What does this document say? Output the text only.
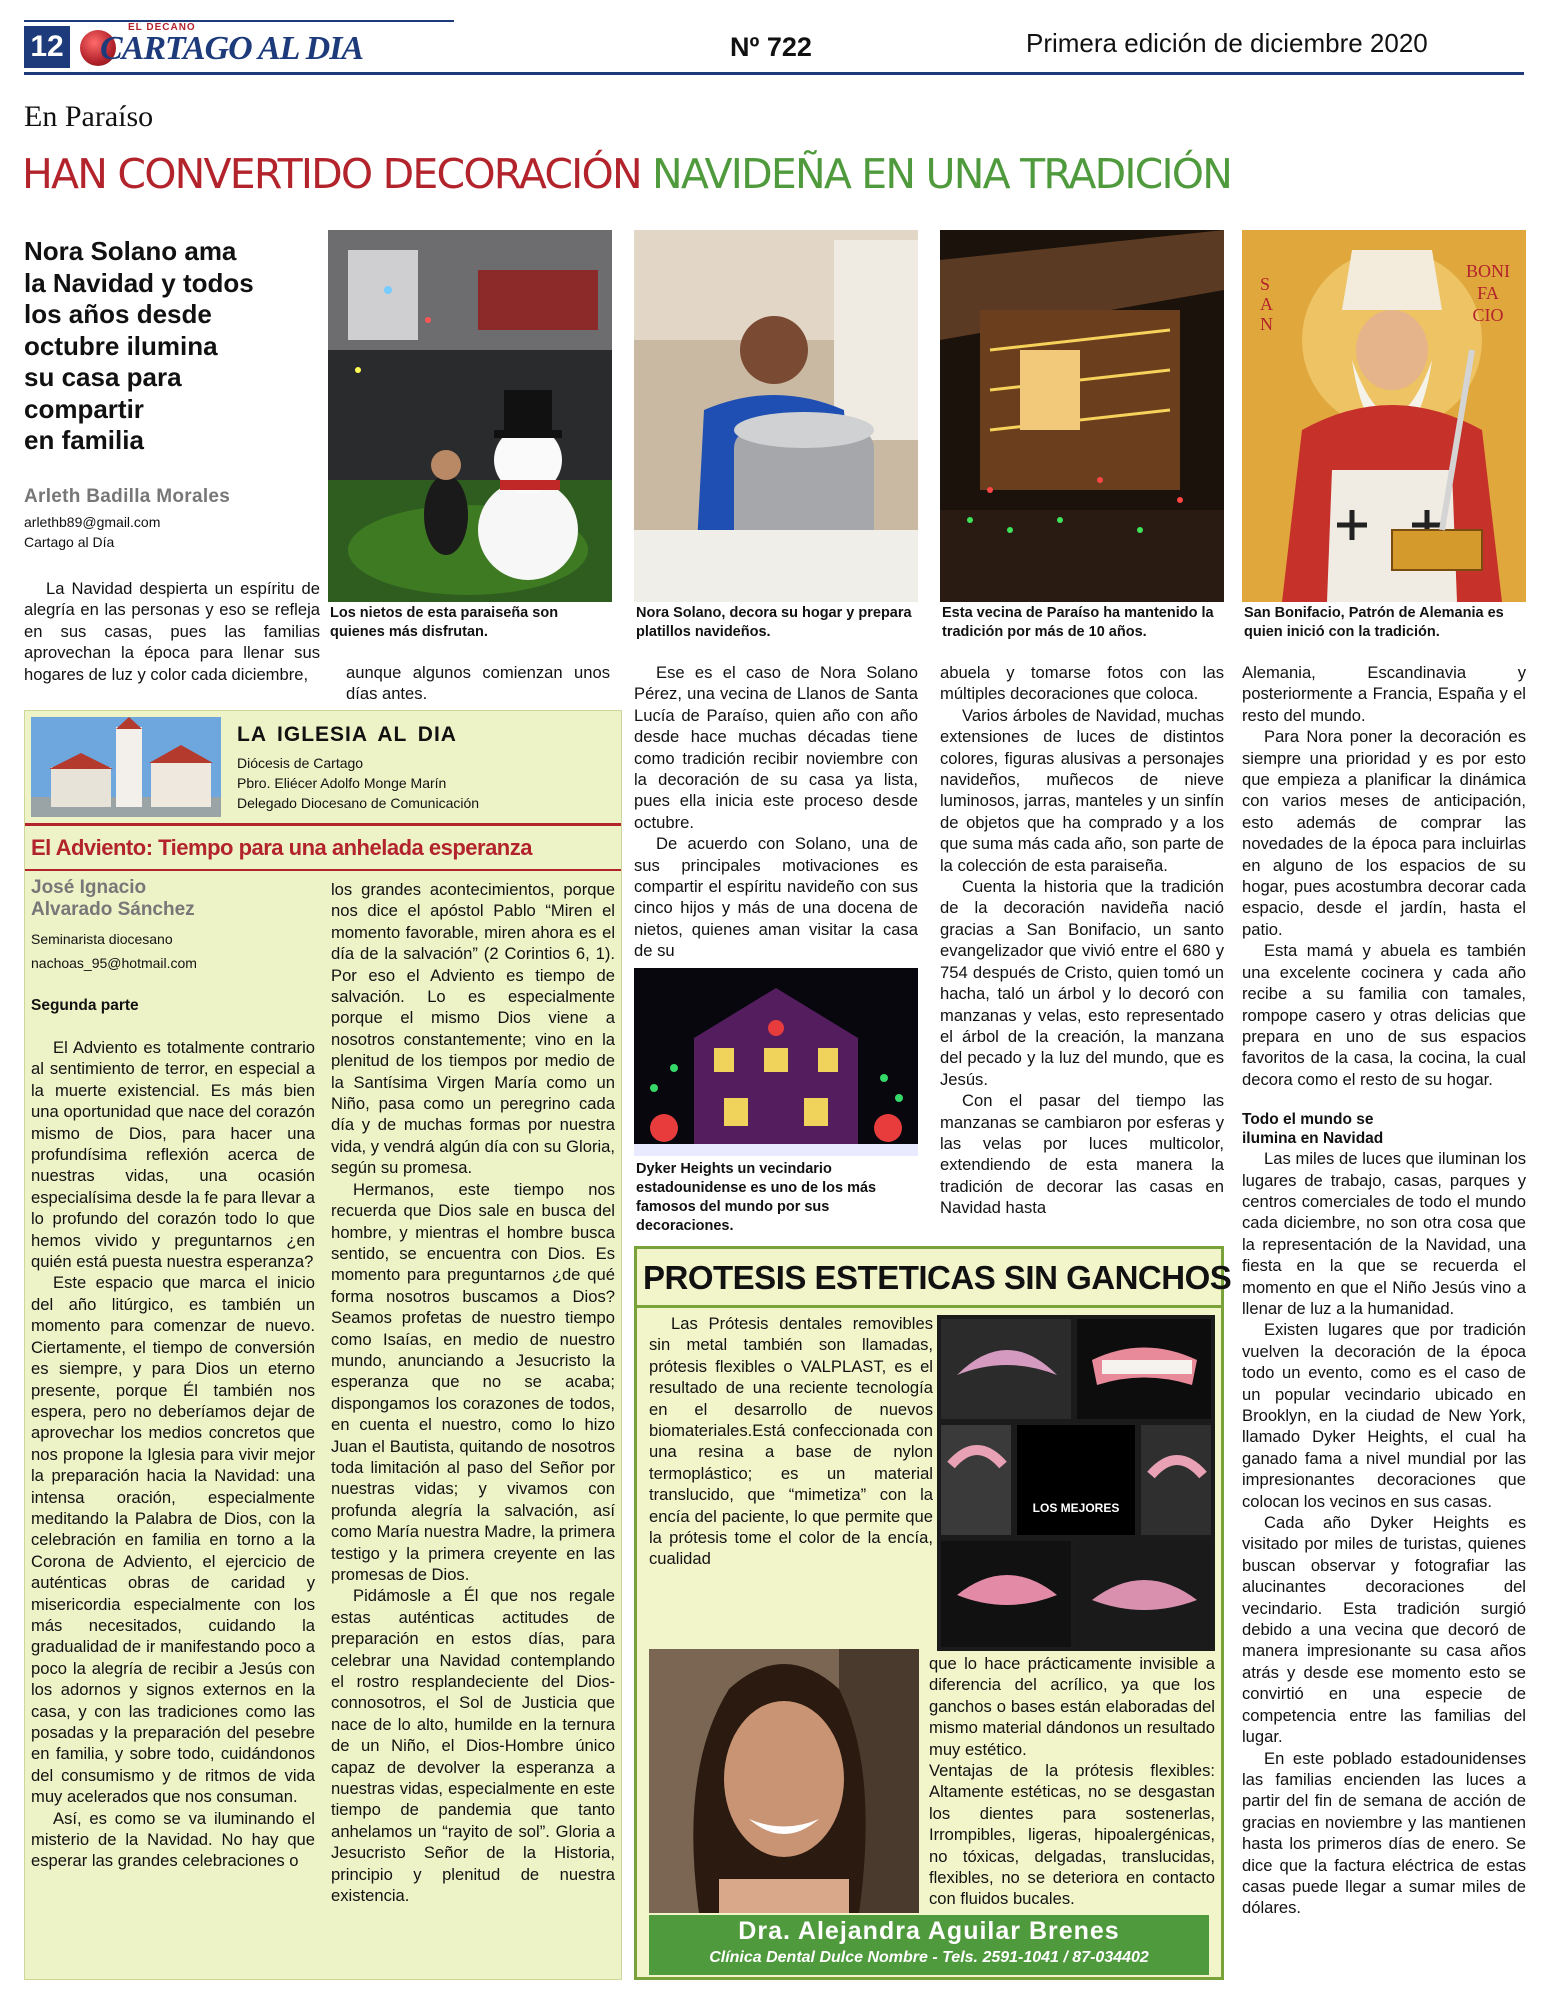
12
EL DECANO
CARTAGO AL DIA	Nº 722	Primera edición de diciembre 2020
En Paraíso
HAN CONVERTIDO DECORACIÓN NAVIDEÑA EN UNA TRADICIÓN
Nora Solano ama
la Navidad y todos
los años desde
octubre ilumina
su casa para
compartir
en familia
Arleth Badilla Morales
arlethb89@gmail.com
Cartago al Día

La Navidad despierta un espíritu de alegría en las personas y eso se refleja en sus casas, pues las familias aprovechan la época para llenar sus hogares de luz y color cada diciembre,

Los nietos de esta paraiseña son quienes más disfrutan.

aunque algunos comienzan unos días antes.

Nora Solano, decora su hogar y prepara platillos navideños.
Esta vecina de Paraíso ha mantenido la tradición por más de 10 años.
SAN
BONI FA CIO
San Bonifacio, Patrón de Alemania es quien inició con la tradición.

Ese es el caso de Nora Solano Pérez, una vecina de Llanos de Santa Lucía de Paraíso, quien año con año desde hace muchas décadas tiene como tradición recibir noviembre con la decoración de su casa ya lista, pues ella inicia este proceso desde octubre.

De acuerdo con Solano, una de sus principales motivaciones es compartir el espíritu navideño con sus cinco hijos y más de una docena de nietos, quienes aman visitar la casa de su

Dyker Heights un vecindario estadounidense es uno de los más famosos del mundo por sus decoraciones.

abuela y tomarse fotos con las múltiples decoraciones que coloca.

Varios árboles de Navidad, muchas extensiones de luces de distintos colores, figuras alusivas a personajes navideños, muñecos de nieve luminosos, jarras, manteles y un sinfín de objetos que ha comprado y a los que suma más cada año, son parte de la colección de esta paraiseña.

Cuenta la historia que la tradición de la decoración navideña nació gracias a San Bonifacio, un santo evangelizador que vivió entre el 680 y 754 después de Cristo, quien tomó un hacha, taló un árbol y lo decoró con manzanas y velas, esto representado el árbol de la creación, la manzana del pecado y la luz del mundo, que es Jesús.

Con el pasar del tiempo las manzanas se cambiaron por esferas y las velas por luces multicolor, extendiendo de esta manera la tradición de decorar las casas en Navidad hasta

Alemania, Escandinavia y posteriormente a Francia, España y el resto del mundo.

Para Nora poner la decoración es siempre una prioridad y es por esto que empieza a planificar la dinámica con varios meses de anticipación, esto además de comprar las novedades de la época para incluirlas en alguno de los espacios de su hogar, pues acostumbra decorar cada espacio, desde el jardín, hasta el patio.

Esta mamá y abuela es también una excelente cocinera y cada año recibe a su familia con tamales, rompope casero y otras delicias que prepara en uno de sus espacios favoritos de la casa, la cocina, la cual decora como el resto de su hogar.

Todo el mundo se

ilumina en Navidad

Las miles de luces que iluminan los lugares de trabajo, casas, parques y centros comerciales de todo el mundo cada diciembre, no son otra cosa que la representación de la Navidad, una fiesta en la que se recuerda el momento en que el Niño Jesús vino a llenar de luz a la humanidad.

Existen lugares que por tradición vuelven la decoración de la época todo un evento, como es el caso de un popular vecindario ubicado en Brooklyn, en la ciudad de New York, llamado Dyker Heights, el cual ha ganado fama a nivel mundial por las impresionantes decoraciones que colocan los vecinos en sus casas.

Cada año Dyker Heights es visitado por miles de turistas, quienes buscan observar y fotografiar las alucinantes decoraciones del vecindario. Esta tradición surgió debido a una vecina que decoró de manera impresionante su casa años atrás y desde ese momento esto se convirtió en una especie de competencia entre las familias del lugar.

En este poblado estadounidenses las familias encienden las luces a partir del fin de semana de acción de gracias en noviembre y las mantienen hasta los primeros días de enero. Se dice que la factura eléctrica de estas casas puede llegar a sumar miles de dólares.

LA IGLESIA AL DIA
Diócesis de Cartago
Pbro. Eliécer Adolfo Monge Marín
Delegado Diocesano de Comunicación
El Adviento: Tiempo para una anhelada esperanza
José Ignacio
Alvarado Sánchez
Seminarista diocesano
nachoas_95@hotmail.com

Segunda parte

El Adviento es totalmente contrario al sentimiento de terror, en especial a la muerte existencial. Es más bien una oportunidad que nace del corazón mismo de Dios, para hacer una profundísima reflexión acerca de nuestras vidas, una ocasión especialísima desde la fe para llevar a lo profundo del corazón todo lo que hemos vivido y preguntarnos ¿en quién está puesta nuestra esperanza?

Este espacio que marca el inicio del año litúrgico, es también un momento para comenzar de nuevo. Ciertamente, el tiempo de conversión es siempre, y para Dios un eterno presente, porque Él también nos espera, pero no deberíamos dejar de aprovechar los medios concretos que nos propone la Iglesia para vivir mejor la preparación hacia la Navidad: una intensa oración, especialmente meditando la Palabra de Dios, con la celebración en familia en torno a la Corona de Adviento, el ejercicio de auténticas obras de caridad y misericordia especialmente con los más necesitados, cuidando la gradualidad de ir manifestando poco a poco la alegría de recibir a Jesús con los adornos y signos externos en la casa, y con las tradiciones como las posadas y la preparación del pesebre en familia, y sobre todo, cuidándonos del consumismo y de ritmos de vida muy acelerados que nos consuman.

Así, es como se va iluminando el misterio de la Navidad. No hay que esperar las grandes celebraciones o

los grandes acontecimientos, porque nos dice el apóstol Pablo “Miren el momento favorable, miren ahora es el día de la salvación” (2 Corintios 6, 1). Por eso el Adviento es tiempo de salvación. Lo es especialmente porque el mismo Dios viene a nosotros constantemente; vino en la plenitud de los tiempos por medio de la Santísima Virgen María como un Niño, pasa como un peregrino cada día y de muchas formas por nuestra vida, y vendrá algún día con su Gloria, según su promesa.

Hermanos, este tiempo nos recuerda que Dios sale en busca del hombre, y mientras el hombre busca sentido, se encuentra con Dios. Es momento para preguntarnos ¿de qué forma nosotros buscamos a Dios? Seamos profetas de nuestro tiempo como Isaías, en medio de nuestro mundo, anunciando a Jesucristo la esperanza que no se acaba; dispongamos los corazones de todos, en cuenta el nuestro, como lo hizo Juan el Bautista, quitando de nosotros toda limitación al paso del Señor por nuestras vidas; y vivamos con profunda alegría la salvación, así como María nuestra Madre, la primera testigo y la primera creyente en las promesas de Dios.

Pidámosle a Él que nos regale estas auténticas actitudes de preparación en estos días, para celebrar una Navidad contemplando el rostro resplandeciente del Dios-connosotros, el Sol de Justicia que nace de lo alto, humilde en la ternura de un Niño, el Dios-Hombre único capaz de devolver la esperanza a nuestras vidas, especialmente en este tiempo de pandemia que tanto anhelamos un “rayito de sol”. Gloria a Jesucristo Señor de la Historia, principio y plenitud de nuestra existencia.

PROTESIS ESTETICAS SIN GANCHOS

Las Prótesis dentales removibles sin metal también son llamadas, prótesis flexibles o VALPLAST, es el resultado de una reciente tecnología en el desarrollo de nuevos biomateriales.Está confeccionada con una resina a base de nylon termoplástico; es un material translucido, que “mimetiza” con la encía del paciente, lo que permite que la prótesis tome el color de la encía, cualidad

LOS MEJORES

que lo hace prácticamente invisible a diferencia del acrílico, ya que los ganchos o bases están elaboradas del mismo material dándonos un resultado muy estético.

Ventajas de la prótesis flexibles: Altamente estéticas, no se desgastan los dientes para sostenerlas, Irrompibles, ligeras, hipoalergénicas, no tóxicas, delgadas, translucidas, flexibles, no se deteriora en contacto con fluidos bucales.

Dra. Alejandra Aguilar Brenes
Clínica Dental Dulce Nombre - Tels. 2591-1041 / 87-034402
